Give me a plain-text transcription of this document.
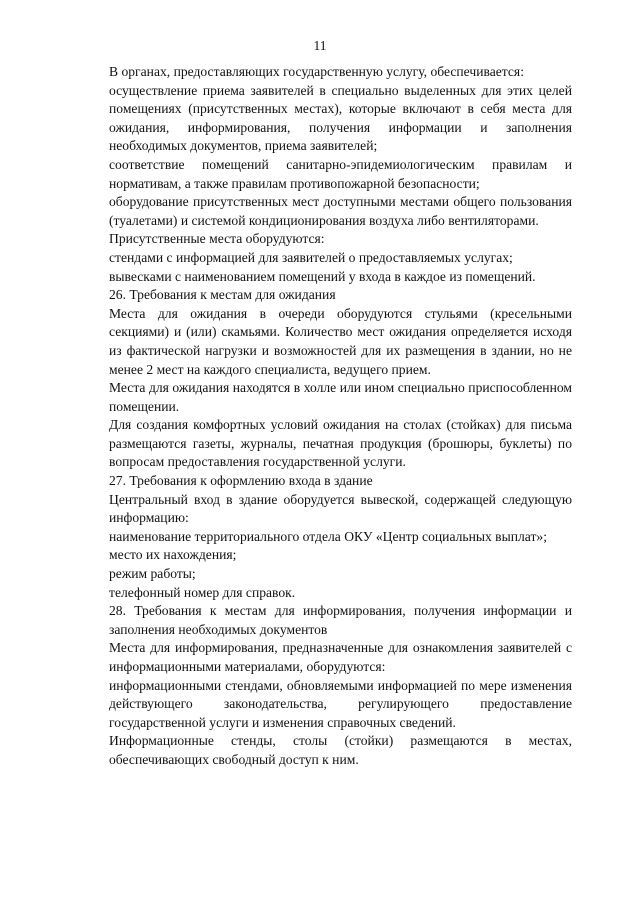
11

В органах, предоставляющих государственную услугу, обеспечивается:

осуществление приема заявителей в специально выделенных для этих целей помещениях (присутственных местах), которые включают в себя места для ожидания, информирования, получения информации и заполнения необходимых документов, приема заявителей;

соответствие помещений санитарно-эпидемиологическим правилам и нормативам, а также правилам противопожарной безопасности;

оборудование присутственных мест доступными местами общего пользования (туалетами) и системой кондиционирования воздуха либо вентиляторами.

Присутственные места оборудуются:

стендами с информацией для заявителей о предоставляемых услугах;

вывесками с наименованием помещений у входа в каждое из помещений.

26. Требования к местам для ожидания

Места для ожидания в очереди оборудуются стульями (кресельными секциями) и (или) скамьями. Количество мест ожидания определяется исходя из фактической нагрузки и возможностей для их размещения в здании, но не менее 2 мест на каждого специалиста, ведущего прием.

Места для ожидания находятся в холле или ином специально приспособленном помещении.

Для создания комфортных условий ожидания на столах (стойках) для письма размещаются газеты, журналы, печатная продукция (брошюры, буклеты) по вопросам предоставления государственной услуги.

27. Требования к оформлению входа в здание

Центральный вход в здание оборудуется вывеской, содержащей следующую информацию:

наименование территориального отдела ОКУ «Центр социальных выплат»;

место их нахождения;

режим работы;

телефонный номер для справок.

28. Требования к местам для информирования, получения информации и заполнения необходимых документов

Места для информирования, предназначенные для ознакомления заявителей с информационными материалами, оборудуются:

информационными стендами, обновляемыми информацией по мере изменения действующего законодательства, регулирующего предоставление государственной услуги и изменения справочных сведений.

Информационные стенды, столы (стойки) размещаются в местах, обеспечивающих свободный доступ к ним.
